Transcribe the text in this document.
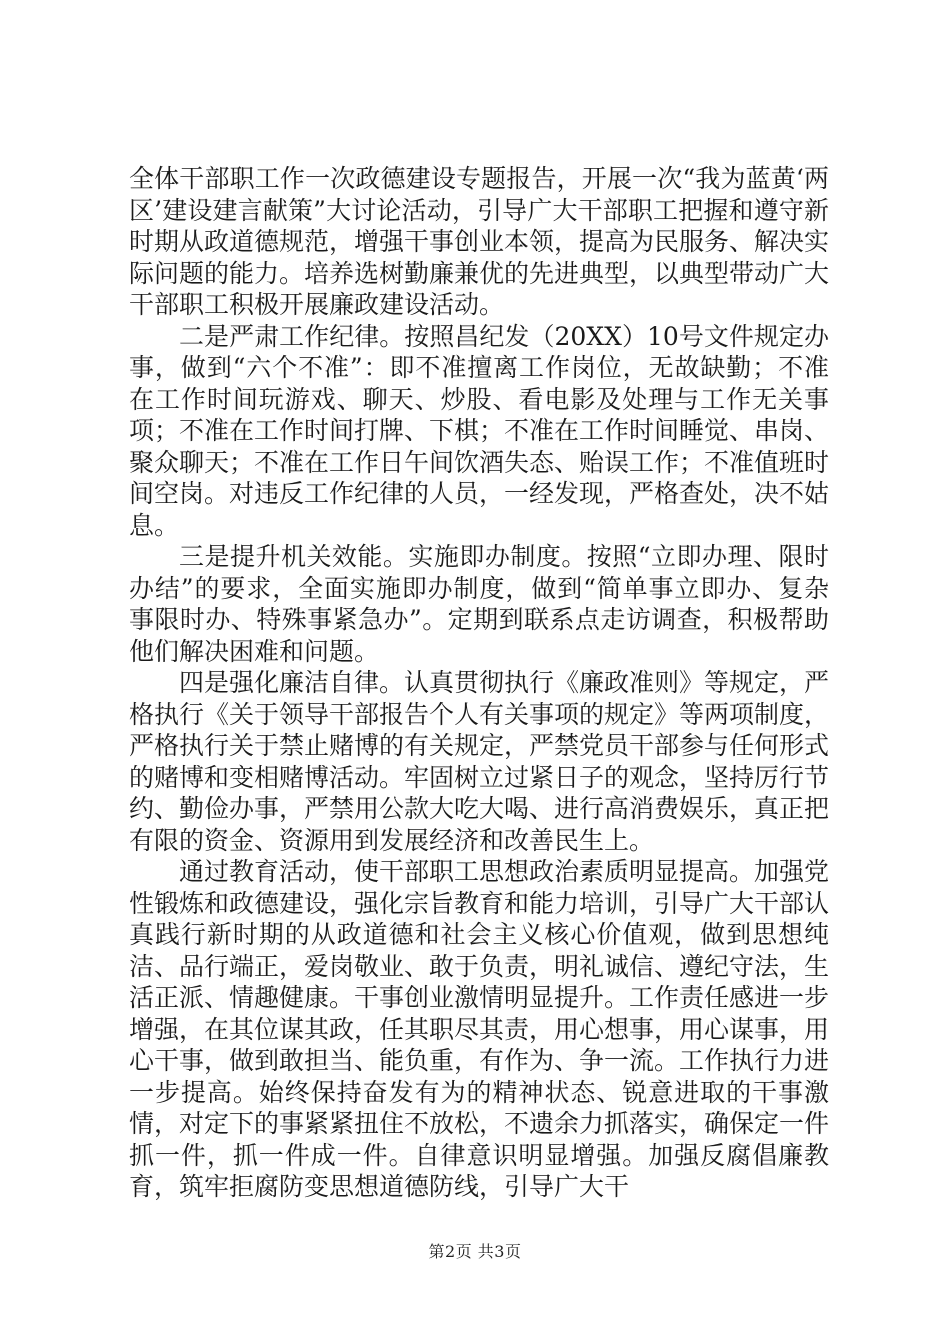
全体干部职工作一次政德建设专题报告，开展一次“我为蓝黄‘两区’建设建言献策”大讨论活动，引导广大干部职工把握和遵守新时期从政道德规范，增强干事创业本领，提高为民服务、解决实际问题的能力。培养选树勤廉兼优的先进典型，以典型带动广大干部职工积极开展廉政建设活动。

二是严肃工作纪律。按照昌纪发（20XX）10号文件规定办事，做到“六个不准”：即不准擅离工作岗位，无故缺勤；不准在工作时间玩游戏、聊天、炒股、看电影及处理与工作无关事项；不准在工作时间打牌、下棋；不准在工作时间睡觉、串岗、聚众聊天；不准在工作日午间饮酒失态、贻误工作；不准值班时间空岗。对违反工作纪律的人员，一经发现，严格查处，决不姑息。

三是提升机关效能。实施即办制度。按照“立即办理、限时办结”的要求，全面实施即办制度，做到“简单事立即办、复杂事限时办、特殊事紧急办”。定期到联系点走访调查，积极帮助他们解决困难和问题。

四是强化廉洁自律。认真贯彻执行《廉政准则》等规定，严格执行《关于领导干部报告个人有关事项的规定》等两项制度，严格执行关于禁止赌博的有关规定，严禁党员干部参与任何形式的赌博和变相赌博活动。牢固树立过紧日子的观念，坚持厉行节约、勤俭办事，严禁用公款大吃大喝、进行高消费娱乐，真正把有限的资金、资源用到发展经济和改善民生上。

通过教育活动，使干部职工思想政治素质明显提高。加强党性锻炼和政德建设，强化宗旨教育和能力培训，引导广大干部认真践行新时期的从政道德和社会主义核心价值观，做到思想纯洁、品行端正，爱岗敬业、敢于负责，明礼诚信、遵纪守法，生活正派、情趣健康。干事创业激情明显提升。工作责任感进一步增强，在其位谋其政，任其职尽其责，用心想事，用心谋事，用心干事，做到敢担当、能负重，有作为、争一流。工作执行力进一步提高。始终保持奋发有为的精神状态、锐意进取的干事激情，对定下的事紧紧扭住不放松，不遗余力抓落实，确保定一件抓一件，抓一件成一件。自律意识明显增强。加强反腐倡廉教育，筑牢拒腐防变思想道德防线，引导广大干

第2页 共3页
